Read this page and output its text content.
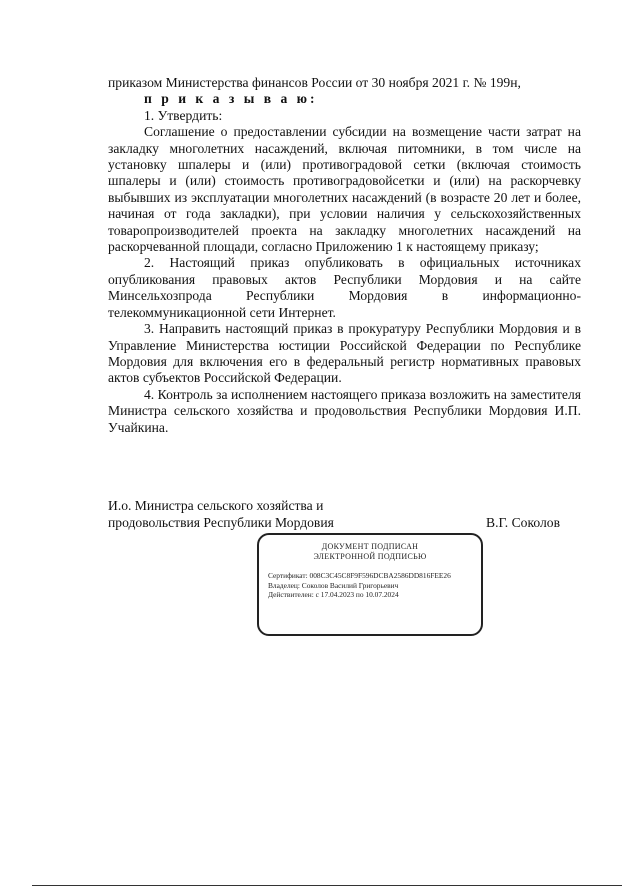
приказом Министерства финансов России от 30 ноября 2021 г. № 199н,

п р и к а з ы в а ю:

1. Утвердить:

Соглашение о предоставлении субсидии на возмещение части затрат на закладку многолетних насаждений, включая питомники, в том числе на установку шпалеры и (или) противоградовой сетки (включая стоимость шпалеры и (или) стоимость противоградовойсетки и (или) на раскорчевку выбывших из эксплуатации многолетних насаждений (в возрасте 20 лет и более, начиная от года закладки), при условии наличия у сельскохозяйственных товаропроизводителей проекта на закладку многолетних насаждений на раскорчеванной площади, согласно Приложению 1 к настоящему приказу;

2. Настоящий приказ опубликовать в официальных источниках опубликования правовых актов Республики Мордовия и на сайте Минсельхозпрода Республики Мордовия в информационно-телекоммуникационной сети Интернет.

3. Направить настоящий приказ в прокуратуру Республики Мордовия и в Управление Министерства юстиции Российской Федерации по Республике Мордовия для включения его в федеральный регистр нормативных правовых актов субъектов Российской Федерации.

4. Контроль за исполнением настоящего приказа возложить на заместителя Министра сельского хозяйства и продовольствия Республики Мордовия И.П. Учайкина.

И.о. Министра сельского хозяйства и
продовольствия Республики Мордовия	В.Г. Соколов
ДОКУМЕНТ ПОДПИСАН
ЭЛЕКТРОННОЙ ПОДПИСЬЮ
Сертификат: 008C3C45C8F9F596DCBA2586DD816FEE26
Владелец: Соколов Василий Григорьевич
Действителен: с 17.04.2023 по 10.07.2024
